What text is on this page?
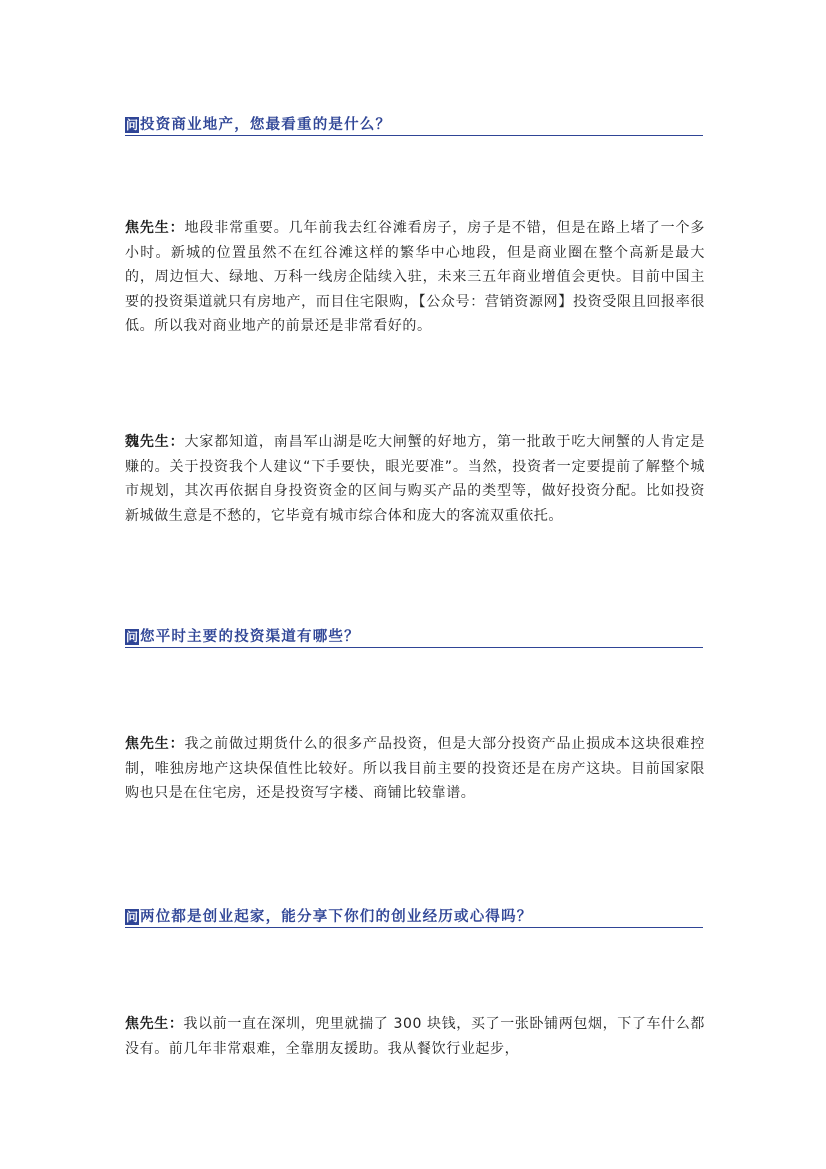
问 投资商业地产，您最看重的是什么？

焦先生：地段非常重要。几年前我去红谷滩看房子，房子是不错，但是在路上堵了一个多小时。新城的位置虽然不在红谷滩这样的繁华中心地段，但是商业圈在整个高新是最大的，周边恒大、绿地、万科一线房企陆续入驻，未来三五年商业增值会更快。目前中国主要的投资渠道就只有房地产，而目住宅限购，【公众号：营销资源网】投资受限且回报率很低。所以我对商业地产的前景还是非常看好的。

魏先生：大家都知道，南昌军山湖是吃大闸蟹的好地方，第一批敢于吃大闸蟹的人肯定是赚的。关于投资我个人建议“下手要快，眼光要准”。当然，投资者一定要提前了解整个城市规划，其次再依据自身投资资金的区间与购买产品的类型等，做好投资分配。比如投资新城做生意是不愁的，它毕竟有城市综合体和庞大的客流双重依托。

问 您平时主要的投资渠道有哪些？

焦先生：我之前做过期货什么的很多产品投资，但是大部分投资产品止损成本这块很难控制，唯独房地产这块保值性比较好。所以我目前主要的投资还是在房产这块。目前国家限购也只是在住宅房，还是投资写字楼、商铺比较靠谱。

问 两位都是创业起家，能分享下你们的创业经历或心得吗？

焦先生：我以前一直在深圳，兜里就揣了 300 块钱，买了一张卧铺两包烟，下了车什么都没有。前几年非常艰难，全靠朋友援助。我从餐饮行业起步，
